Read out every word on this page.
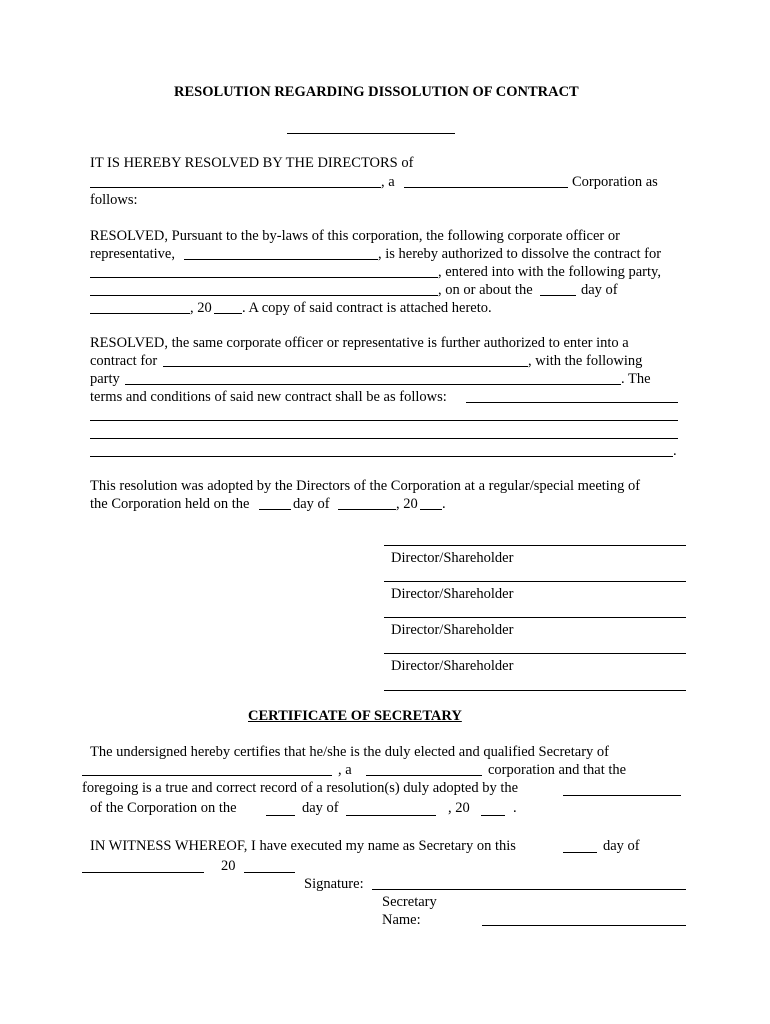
RESOLUTION REGARDING DISSOLUTION OF CONTRACT
IT IS HEREBY RESOLVED BY THE DIRECTORS of
, a	Corporation as
follows:
RESOLVED, Pursuant to the by-laws of this corporation, the following corporate officer or
representative,	, is hereby authorized to dissolve the contract for
, entered into with the following party,
, on or about the	day of
, 20 . A copy of said contract is attached hereto.
RESOLVED, the same corporate officer or representative is further authorized to enter into a
contract for	, with the following
party	. The
terms and conditions of said new contract shall be as follows:
.
This resolution was adopted by the Directors of the Corporation at a regular/special meeting of
the Corporation held on the	day of	, 20 .
Director/Shareholder
Director/Shareholder
Director/Shareholder
Director/Shareholder
CERTIFICATE OF SECRETARY
The undersigned hereby certifies that he/she is the duly elected and qualified Secretary of
, a	corporation and that the
foregoing is a true and correct record of a resolution(s) duly adopted by the
of the Corporation on the	day of	, 20	.
IN WITNESS WHEREOF, I have executed my name as Secretary on this	day of
20
Signature:
Secretary
Name:
